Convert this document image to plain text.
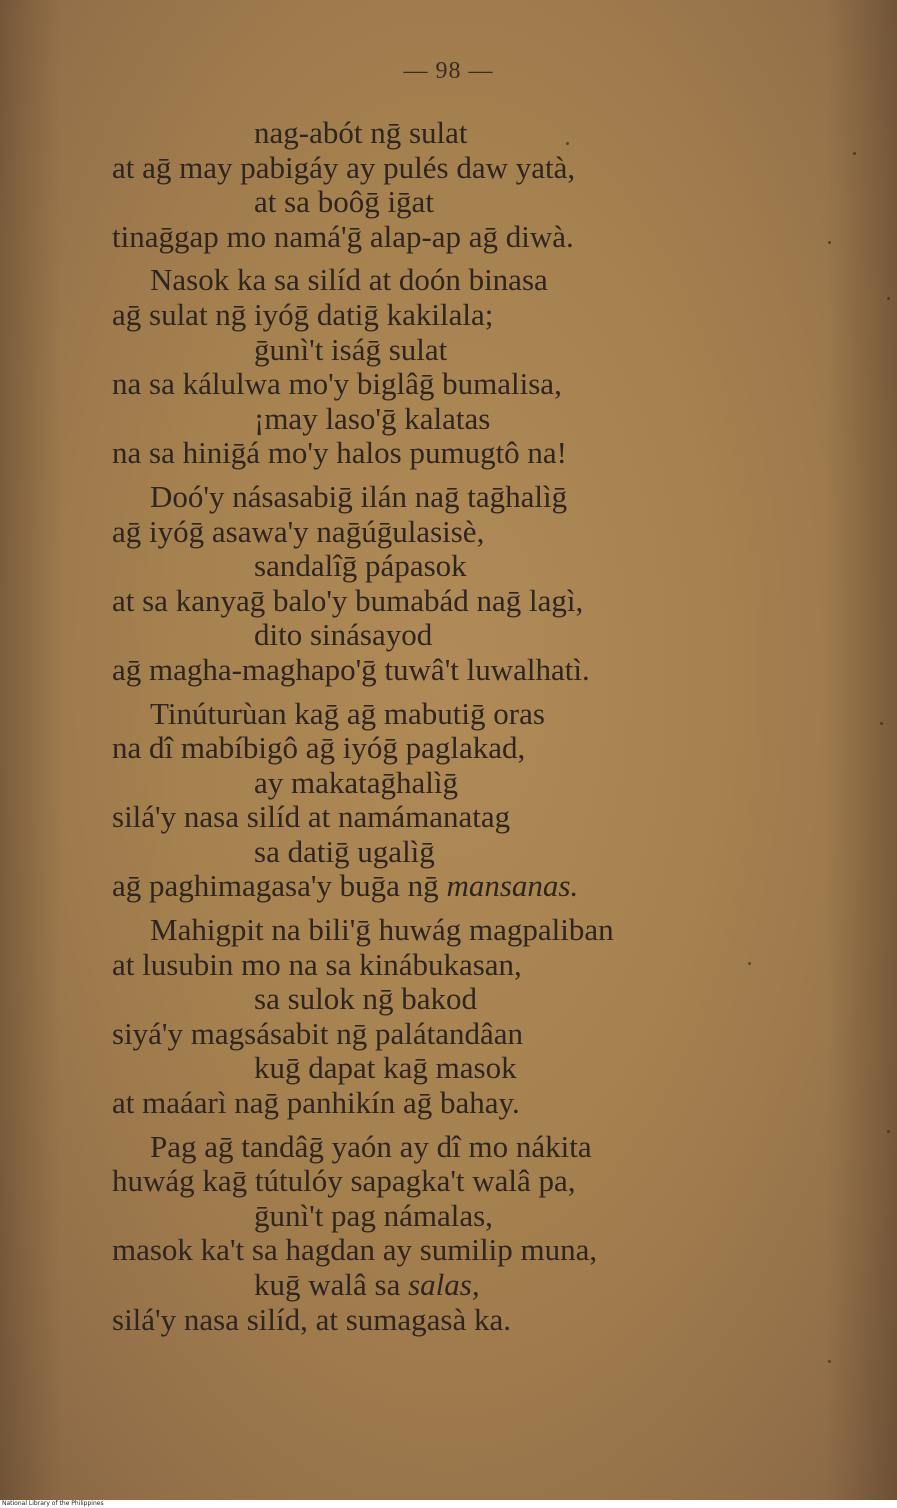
— 98 —
nag-abót nḡ sulat
at aḡ may pabigáy ay pulés daw yatà,
at sa boôḡ iḡat
tinaḡgap mo namá'ḡ alap-ap aḡ diwà.
Nasok ka sa silíd at doón binasa
aḡ sulat nḡ iyóḡ datiḡ kakilala;
ḡunì't isáḡ sulat
na sa kálulwa mo'y biglâḡ bumalisa,
¡may laso'ḡ kalatas
na sa hiniḡá mo'y halos pumugtô na!
Doó'y násasabiḡ ilán naḡ taḡhalìḡ
aḡ iyóḡ asawa'y naḡúḡulasisè,
sandalîḡ pápasok
at sa kanyaḡ balo'y bumabád naḡ lagì,
dito sinásayod
aḡ magha-maghapo'ḡ tuwâ't luwalhatì.
Tinúturùan kaḡ aḡ mabutiḡ oras
na dî mabíbigô aḡ iyóḡ paglakad,
ay makataḡhalìḡ
silá'y nasa silíd at namámanatag
sa datiḡ ugalìḡ
aḡ paghimagasa'y buḡa nḡ mansanas.
Mahigpit na bili'ḡ huwág magpaliban
at lusubin mo na sa kinábukasan,
sa sulok nḡ bakod
siyá'y magsásabit nḡ palátandâan
kuḡ dapat kaḡ masok
at maáarì naḡ panhikín aḡ bahay.
Pag aḡ tandâḡ yaón ay dî mo nákita
huwág kaḡ tútulóy sapagka't walâ pa,
ḡunì't pag námalas,
masok ka't sa hagdan ay sumilip muna,
kuḡ walâ sa salas,
silá'y nasa silíd, at sumagasà ka.
National Library of the Philippines
